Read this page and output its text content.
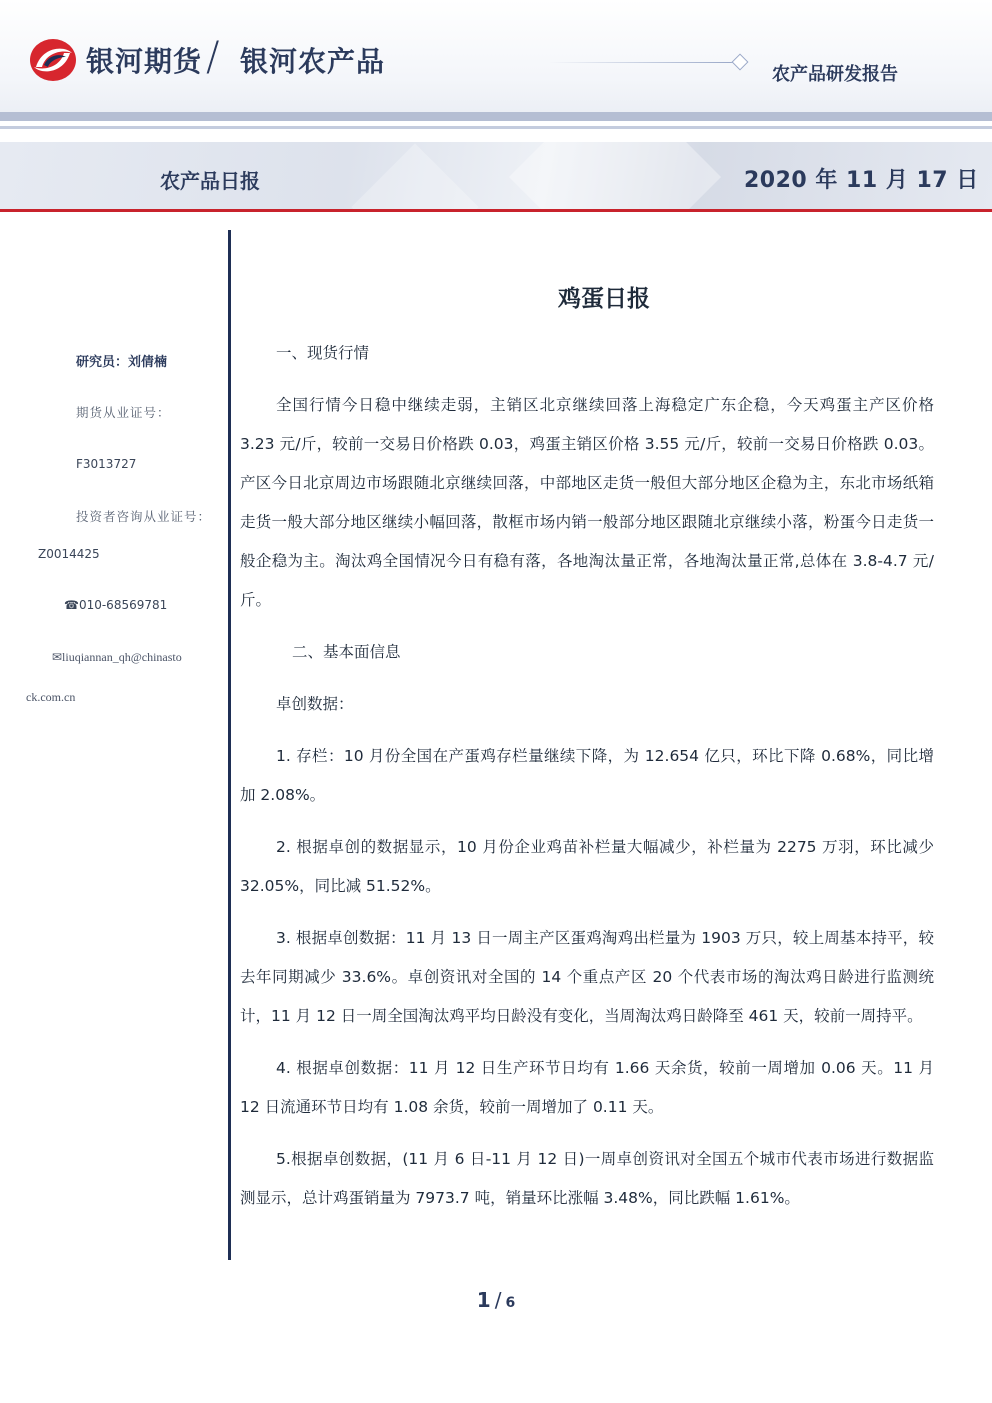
银河期货 / 银河农产品	农产品研发报告
农产品日报	2020 年 11 月 17 日
研究员：刘倩楠
期货从业证号：
F3013727
投资者咨询从业证号：
Z0014425
☎010-68569781
✉liuqiannan_qh@chinasto
ck.com.cn
鸡蛋日报

一、现货行情

全国行情今日稳中继续走弱，主销区北京继续回落上海稳定广东企稳，今天鸡蛋主产区价格 3.23 元/斤，较前一交易日价格跌 0.03，鸡蛋主销区价格 3.55 元/斤，较前一交易日价格跌 0.03。产区今日北京周边市场跟随北京继续回落，中部地区走货一般但大部分地区企稳为主，东北市场纸箱走货一般大部分地区继续小幅回落，散框市场内销一般部分地区跟随北京继续小落，粉蛋今日走货一般企稳为主。淘汰鸡全国情况今日有稳有落，各地淘汰量正常，各地淘汰量正常,总体在 3.8-4.7 元/斤。

二、基本面信息

卓创数据：

1. 存栏：10 月份全国在产蛋鸡存栏量继续下降，为 12.654 亿只，环比下降 0.68%，同比增加 2.08%。

2. 根据卓创的数据显示，10 月份企业鸡苗补栏量大幅减少，补栏量为 2275 万羽，环比减少 32.05%，同比减 51.52%。

3. 根据卓创数据：11 月 13 日一周主产区蛋鸡淘鸡出栏量为 1903 万只，较上周基本持平，较去年同期减少 33.6%。卓创资讯对全国的 14 个重点产区 20 个代表市场的淘汰鸡日龄进行监测统计，11 月 12 日一周全国淘汰鸡平均日龄没有变化，当周淘汰鸡日龄降至 461 天，较前一周持平。

4. 根据卓创数据：11 月 12 日生产环节日均有 1.66 天余货，较前一周增加 0.06 天。11 月 12 日流通环节日均有 1.08 余货，较前一周增加了 0.11 天。

5.根据卓创数据，(11 月 6 日-11 月 12 日)一周卓创资讯对全国五个城市代表市场进行数据监测显示，总计鸡蛋销量为 7973.7 吨，销量环比涨幅 3.48%，同比跌幅 1.61%。

1 / 6
